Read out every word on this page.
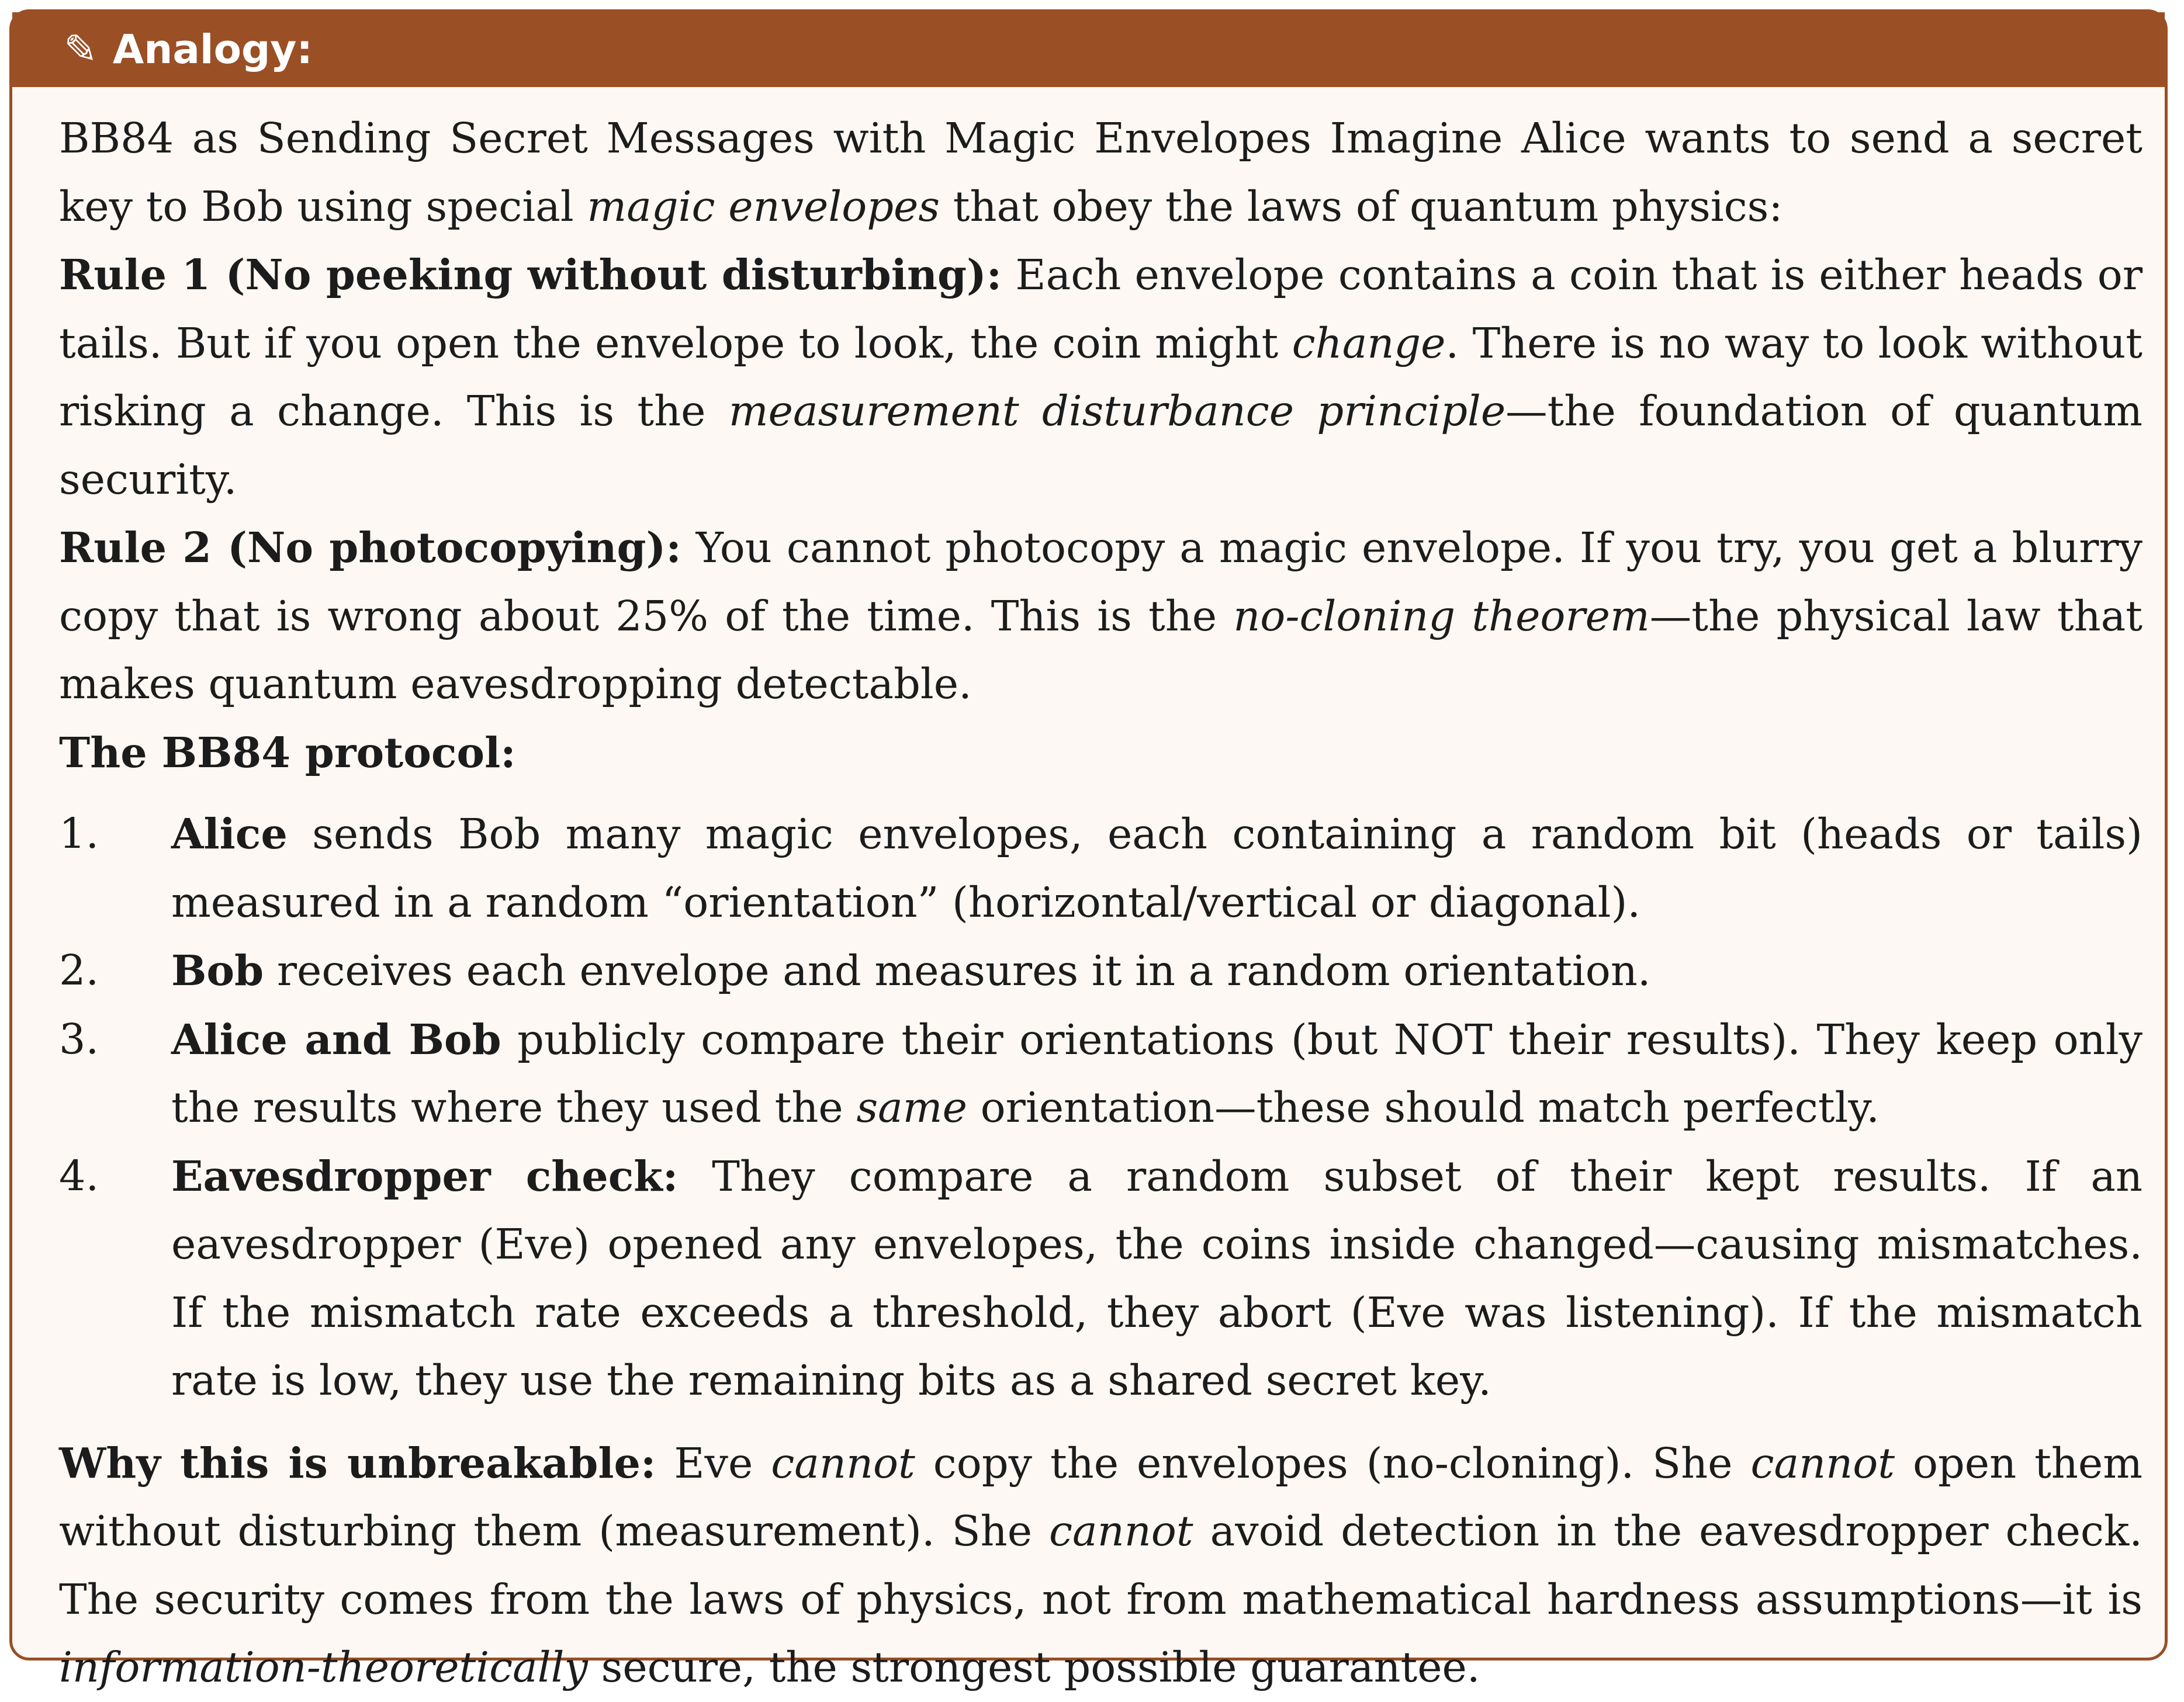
✎ Analogy:

BB84 as Sending Secret Messages with Magic Envelopes Imagine Alice wants to send a secret key to Bob using special magic envelopes that obey the laws of quantum physics:

Rule 1 (No peeking without disturbing): Each envelope contains a coin that is either heads or tails. But if you open the envelope to look, the coin might change. There is no way to look without risking a change. This is the measurement disturbance principle—the foundation of quantum security.

Rule 2 (No photocopying): You cannot photocopy a magic envelope. If you try, you get a blurry copy that is wrong about 25% of the time. This is the no-cloning theorem—the physical law that makes quantum eavesdropping detectable.

The BB84 protocol:

1. Alice sends Bob many magic envelopes, each containing a random bit (heads or tails) measured in a random “orientation” (horizontal/vertical or diagonal).
2. Bob receives each envelope and measures it in a random orientation.
3. Alice and Bob publicly compare their orientations (but NOT their results). They keep only the results where they used the same orientation—these should match perfectly.
4. Eavesdropper check: They compare a random subset of their kept results. If an eavesdropper (Eve) opened any envelopes, the coins inside changed—causing mismatches. If the mismatch rate exceeds a threshold, they abort (Eve was listening). If the mismatch rate is low, they use the remaining bits as a shared secret key.

Why this is unbreakable: Eve cannot copy the envelopes (no-cloning). She cannot open them without disturbing them (measurement). She cannot avoid detection in the eavesdropper check. The security comes from the laws of physics, not from mathematical hardness assumptions—it is information-theoretically secure, the strongest possible guarantee.
